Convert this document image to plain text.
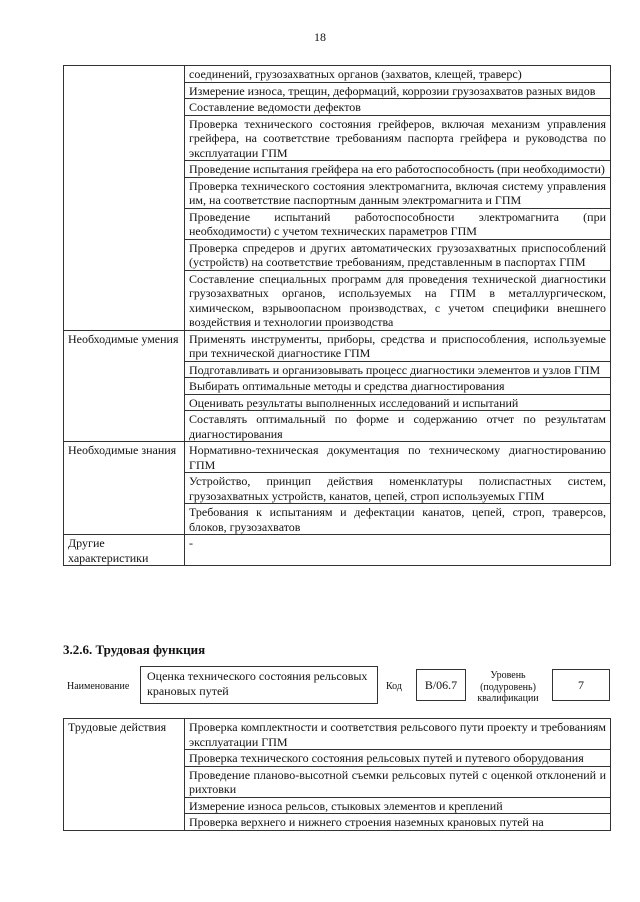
18
	соединений, грузозахватных органов (захватов, клещей, траверс)
	Измерение износа, трещин, деформаций, коррозии грузозахватов разных видов
	Составление ведомости дефектов
	Проверка технического состояния грейферов, включая механизм управления грейфера, на соответствие требованиям паспорта грейфера и руководства по эксплуатации ГПМ
	Проведение испытания грейфера на его работоспособность (при необходимости)
	Проверка технического состояния электромагнита, включая систему управления им, на соответствие паспортным данным электромагнита и ГПМ
	Проведение испытаний работоспособности электромагнита (при необходимости) с учетом технических параметров ГПМ
	Проверка спредеров и других автоматических грузозахватных приспособлений (устройств) на соответствие требованиям, представленным в паспортах ГПМ
	Составление специальных программ для проведения технической диагностики грузозахватных органов, используемых на ГПМ в металлургическом, химическом, взрывоопасном производствах, с учетом специфики внешнего воздействия и технологии производства
Необходимые умения	Применять инструменты, приборы, средства и приспособления, используемые при технической диагностике ГПМ
	Подготавливать и организовывать процесс диагностики элементов и узлов ГПМ
	Выбирать оптимальные методы и средства диагностирования
	Оценивать результаты выполненных исследований и испытаний
	Составлять оптимальный по форме и содержанию отчет по результатам диагностирования
Необходимые знания	Нормативно-техническая документация по техническому диагностированию ГПМ
	Устройство, принцип действия номенклатуры полиспастных систем, грузозахватных устройств, канатов, цепей, строп используемых ГПМ
	Требования к испытаниям и дефектации канатов, цепей, строп, траверсов, блоков, грузозахватов
Другие характеристики	-
3.2.6. Трудовая функция
Наименование
Оценка технического состояния рельсовых крановых путей	Код	B/06.7
Уровень (подуровень) квалификации
7
Трудовые действия	Проверка комплектности и соответствия рельсового пути проекту и требованиям эксплуатации ГПМ
Проверка технического состояния рельсовых путей и путевого оборудования
Проведение планово-высотной съемки рельсовых путей с оценкой отклонений и рихтовки
Измерение износа рельсов, стыковых элементов и креплений
Проверка верхнего и нижнего строения наземных крановых путей на
